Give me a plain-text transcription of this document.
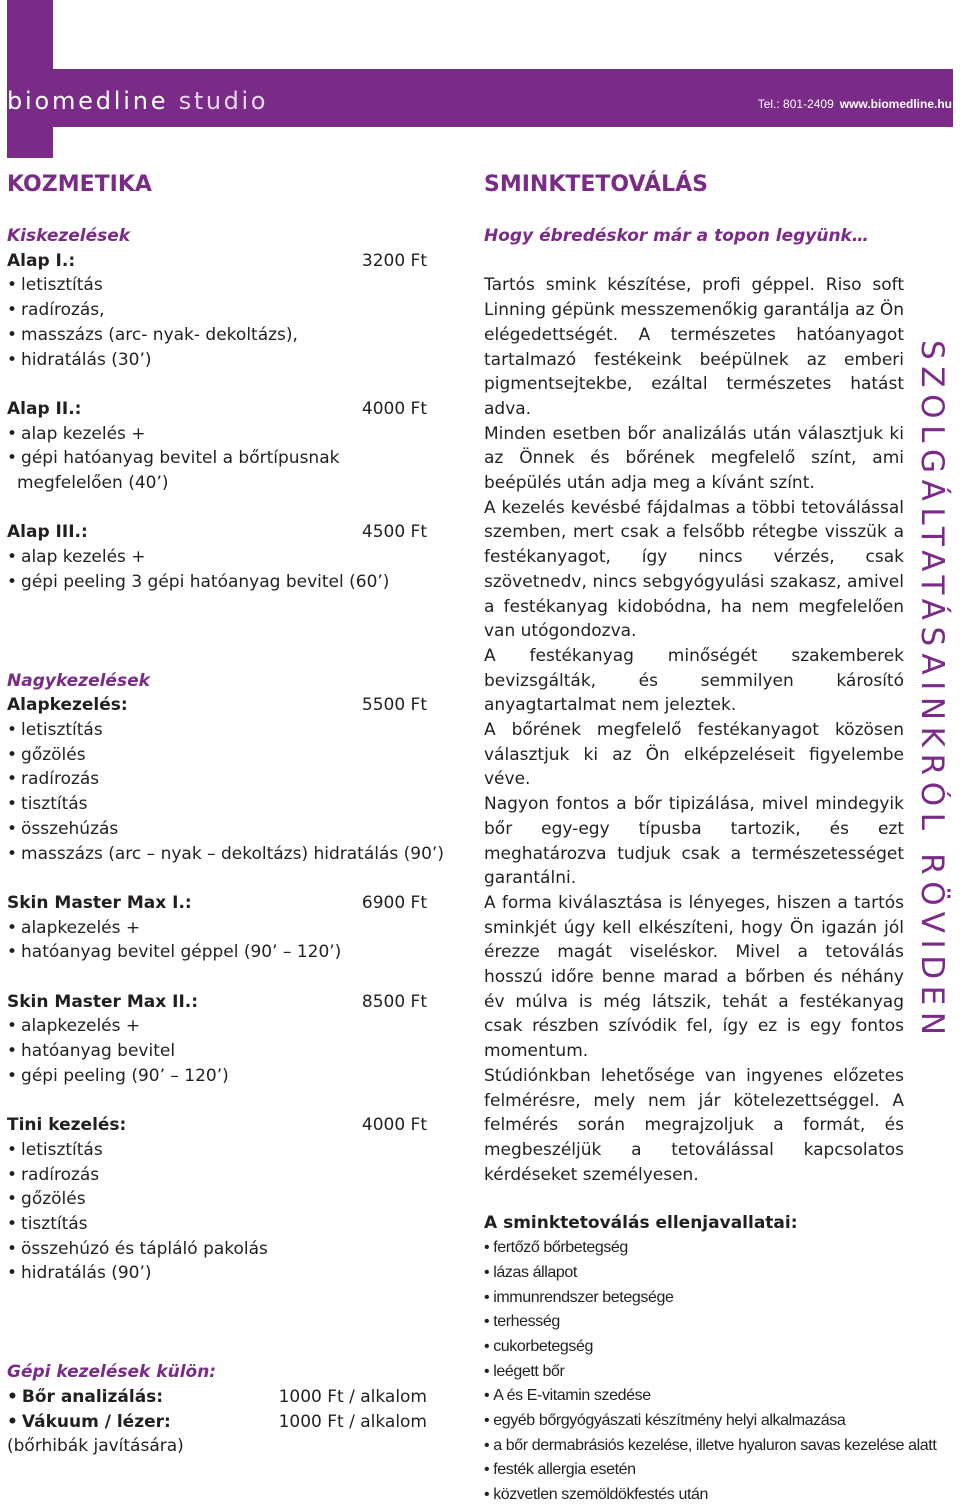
biomedline studio	Tel.: 801-2409 www.biomedline.hu
KOZMETIKA
Kiskezelések
Alap I.:	3200 Ft
• letisztítás
• radírozás,
• masszázs (arc- nyak- dekoltázs),
• hidratálás (30’)
Alap II.:	4000 Ft
• alap kezelés +
• gépi hatóanyag bevitel a bőrtípusnak
megfelelően (40’)
Alap III.:	4500 Ft
• alap kezelés +
• gépi peeling 3 gépi hatóanyag bevitel (60’)
Nagykezelések
Alapkezelés:	5500 Ft
• letisztítás
• gőzölés
• radírozás
• tisztítás
• összehúzás
• masszázs (arc – nyak – dekoltázs) hidratálás (90’)
Skin Master Max I.:	6900 Ft
• alapkezelés +
• hatóanyag bevitel géppel (90’ – 120’)
Skin Master Max II.:	8500 Ft
• alapkezelés +
• hatóanyag bevitel
• gépi peeling (90’ – 120’)
Tini kezelés:	4000 Ft
• letisztítás
• radírozás
• gőzölés
• tisztítás
• összehúzó és tápláló pakolás
• hidratálás (90’)
Gépi kezelések külön:
• Bőr analizálás:	1000 Ft / alkalom
• Vákuum / lézer:	1000 Ft / alkalom
(bőrhibák javítására)
SMINKTETOVÁLÁS
Hogy ébredéskor már a topon legyünk…

Tartós smink készítése, profi géppel. Riso soft Linning gépünk messzemenőkig garantálja az Ön elégedettségét. A természetes hatóanyagot tartalmazó festékeink beépülnek az emberi pigmentsejtekbe, ezáltal természetes hatást adva.

Minden esetben bőr analizálás után választjuk ki az Önnek és bőrének megfelelő színt, ami beépülés után adja meg a kívánt színt.

A kezelés kevésbé fájdalmas a többi tetoválással szemben, mert csak a felsőbb rétegbe visszük a festékanyagot, így nincs vérzés, csak szövetnedv, nincs sebgyógyulási szakasz, amivel a festékanyag kidobódna, ha nem megfelelően van utógondozva.

A festékanyag minőségét szakemberek bevizsgálták, és semmilyen károsító anyagtartalmat nem jeleztek.

A bőrének megfelelő festékanyagot közösen választjuk ki az Ön elképzeléseit figyelembe véve.

Nagyon fontos a bőr tipizálása, mivel mindegyik bőr egy-egy típusba tartozik, és ezt meghatározva tudjuk csak a természetességet garantálni.

A forma kiválasztása is lényeges, hiszen a tartós sminkjét úgy kell elkészíteni, hogy Ön igazán jól érezze magát viseléskor. Mivel a tetoválás hosszú időre benne marad a bőrben és néhány év múlva is még látszik, tehát a festékanyag csak részben szívódik fel, így ez is egy fontos momentum.

Stúdiónkban lehetősége van ingyenes előzetes felmérésre, mely nem jár kötelezettséggel. A felmérés során megrajzoljuk a formát, és megbeszéljük a tetoválással kapcsolatos kérdéseket személyesen.

A sminktetoválás ellenjavallatai:
• fertőző bőrbetegség
• lázas állapot
• immunrendszer betegsége
• terhesség
• cukorbetegség
• leégett bőr
• A és E-vitamin szedése
• egyéb bőrgyógyászati készítmény helyi alkalmazása
• a bőr dermabrásiós kezelése, illetve hyaluron savas kezelése alatt
• festék allergia esetén
• közvetlen szemöldökfestés után
SZOLGÁLTATÁSAINKRÓL RÖVIDEN
